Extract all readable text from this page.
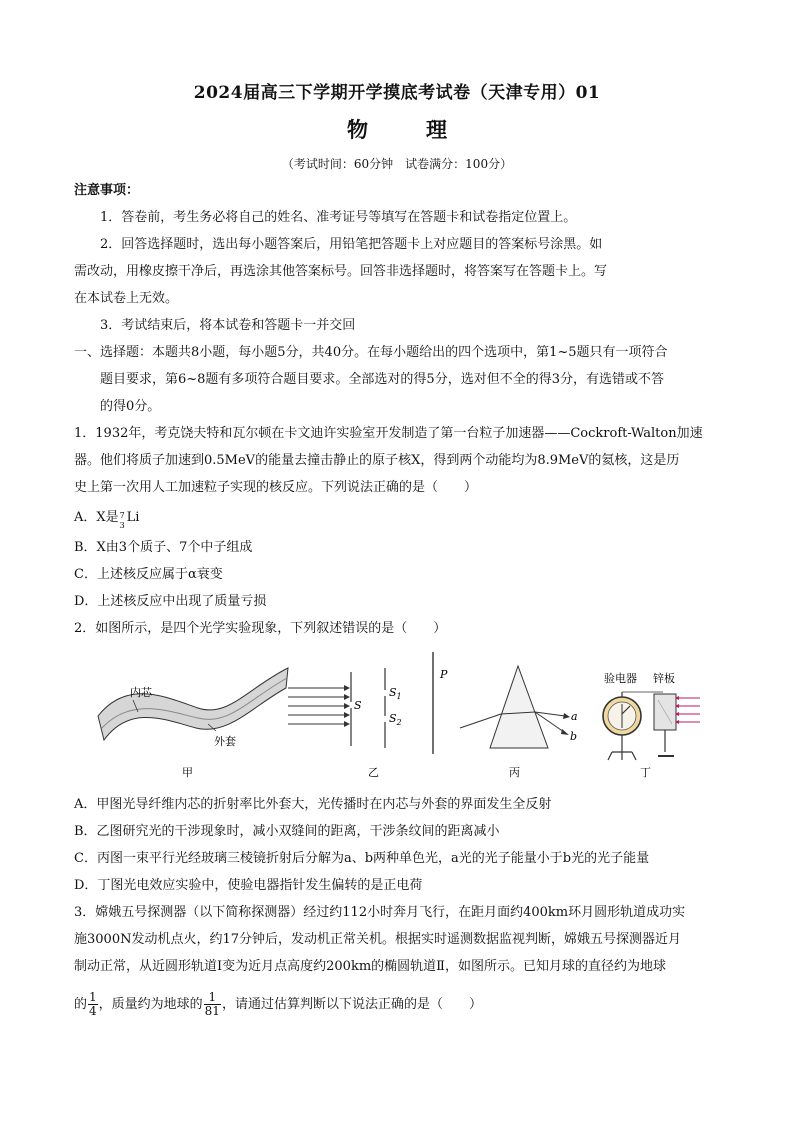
2024届高三下学期开学摸底考试卷（天津专用）01
物	理
（考试时间：60分钟　试卷满分：100分）
注意事项：
1．答卷前，考生务必将自己的姓名、准考证号等填写在答题卡和试卷指定位置上。
2．回答选择题时，选出每小题答案后，用铅笔把答题卡上对应题目的答案标号涂黑。如
需改动，用橡皮擦干净后，再选涂其他答案标号。回答非选择题时，将答案写在答题卡上。写
在本试卷上无效。
3．考试结束后，将本试卷和答题卡一并交回
一、选择题：本题共8小题，每小题5分，共40分。在每小题给出的四个选项中，第1~5题只有一项符合
题目要求，第6~8题有多项符合题目要求。全部选对的得5分，选对但不全的得3分，有选错或不答
的得0分。
1．1932年，考克饶夫特和瓦尔顿在卡文迪许实验室开发制造了第一台粒子加速器——Cockroft-Walton加速
器。他们将质子加速到0.5MeV的能量去撞击静止的原子核X，得到两个动能均为8.9MeV的氦核，这是历
史上第一次用人工加速粒子实现的核反应。下列说法正确的是（　　）
A．X是 7
3 Li
B．X由3个质子、7个中子组成
C．上述核反应属于α衰变
D．上述核反应中出现了质量亏损
2．如图所示，是四个光学实验现象，下列叙述错误的是（　　）
内芯
外套
甲
S
$S_1$
$S_2$
P
乙
a
b
丙
验电器 锌板
丁
A．甲图光导纤维内芯的折射率比外套大，光传播时在内芯与外套的界面发生全反射
B．乙图研究光的干涉现象时，减小双缝间的距离，干涉条纹间的距离减小
C．丙图一束平行光经玻璃三棱镜折射后分解为a、b两种单色光，a光的光子能量小于b光的光子能量
D．丁图光电效应实验中，使验电器指针发生偏转的是正电荷
3．嫦娥五号探测器（以下简称探测器）经过约112小时奔月飞行，在距月面约400km环月圆形轨道成功实
施3000N发动机点火，约17分钟后，发动机正常关机。根据实时遥测数据监视判断，嫦娥五号探测器近月
制动正常，从近圆形轨道Ⅰ变为近月点高度约200km的椭圆轨道Ⅱ，如图所示。已知月球的直径约为地球
的 $\frac{1}{4}$ ，质量约为地球的 $\frac{1}{81}$ ，请通过估算判断以下说法正确的是（　　）
